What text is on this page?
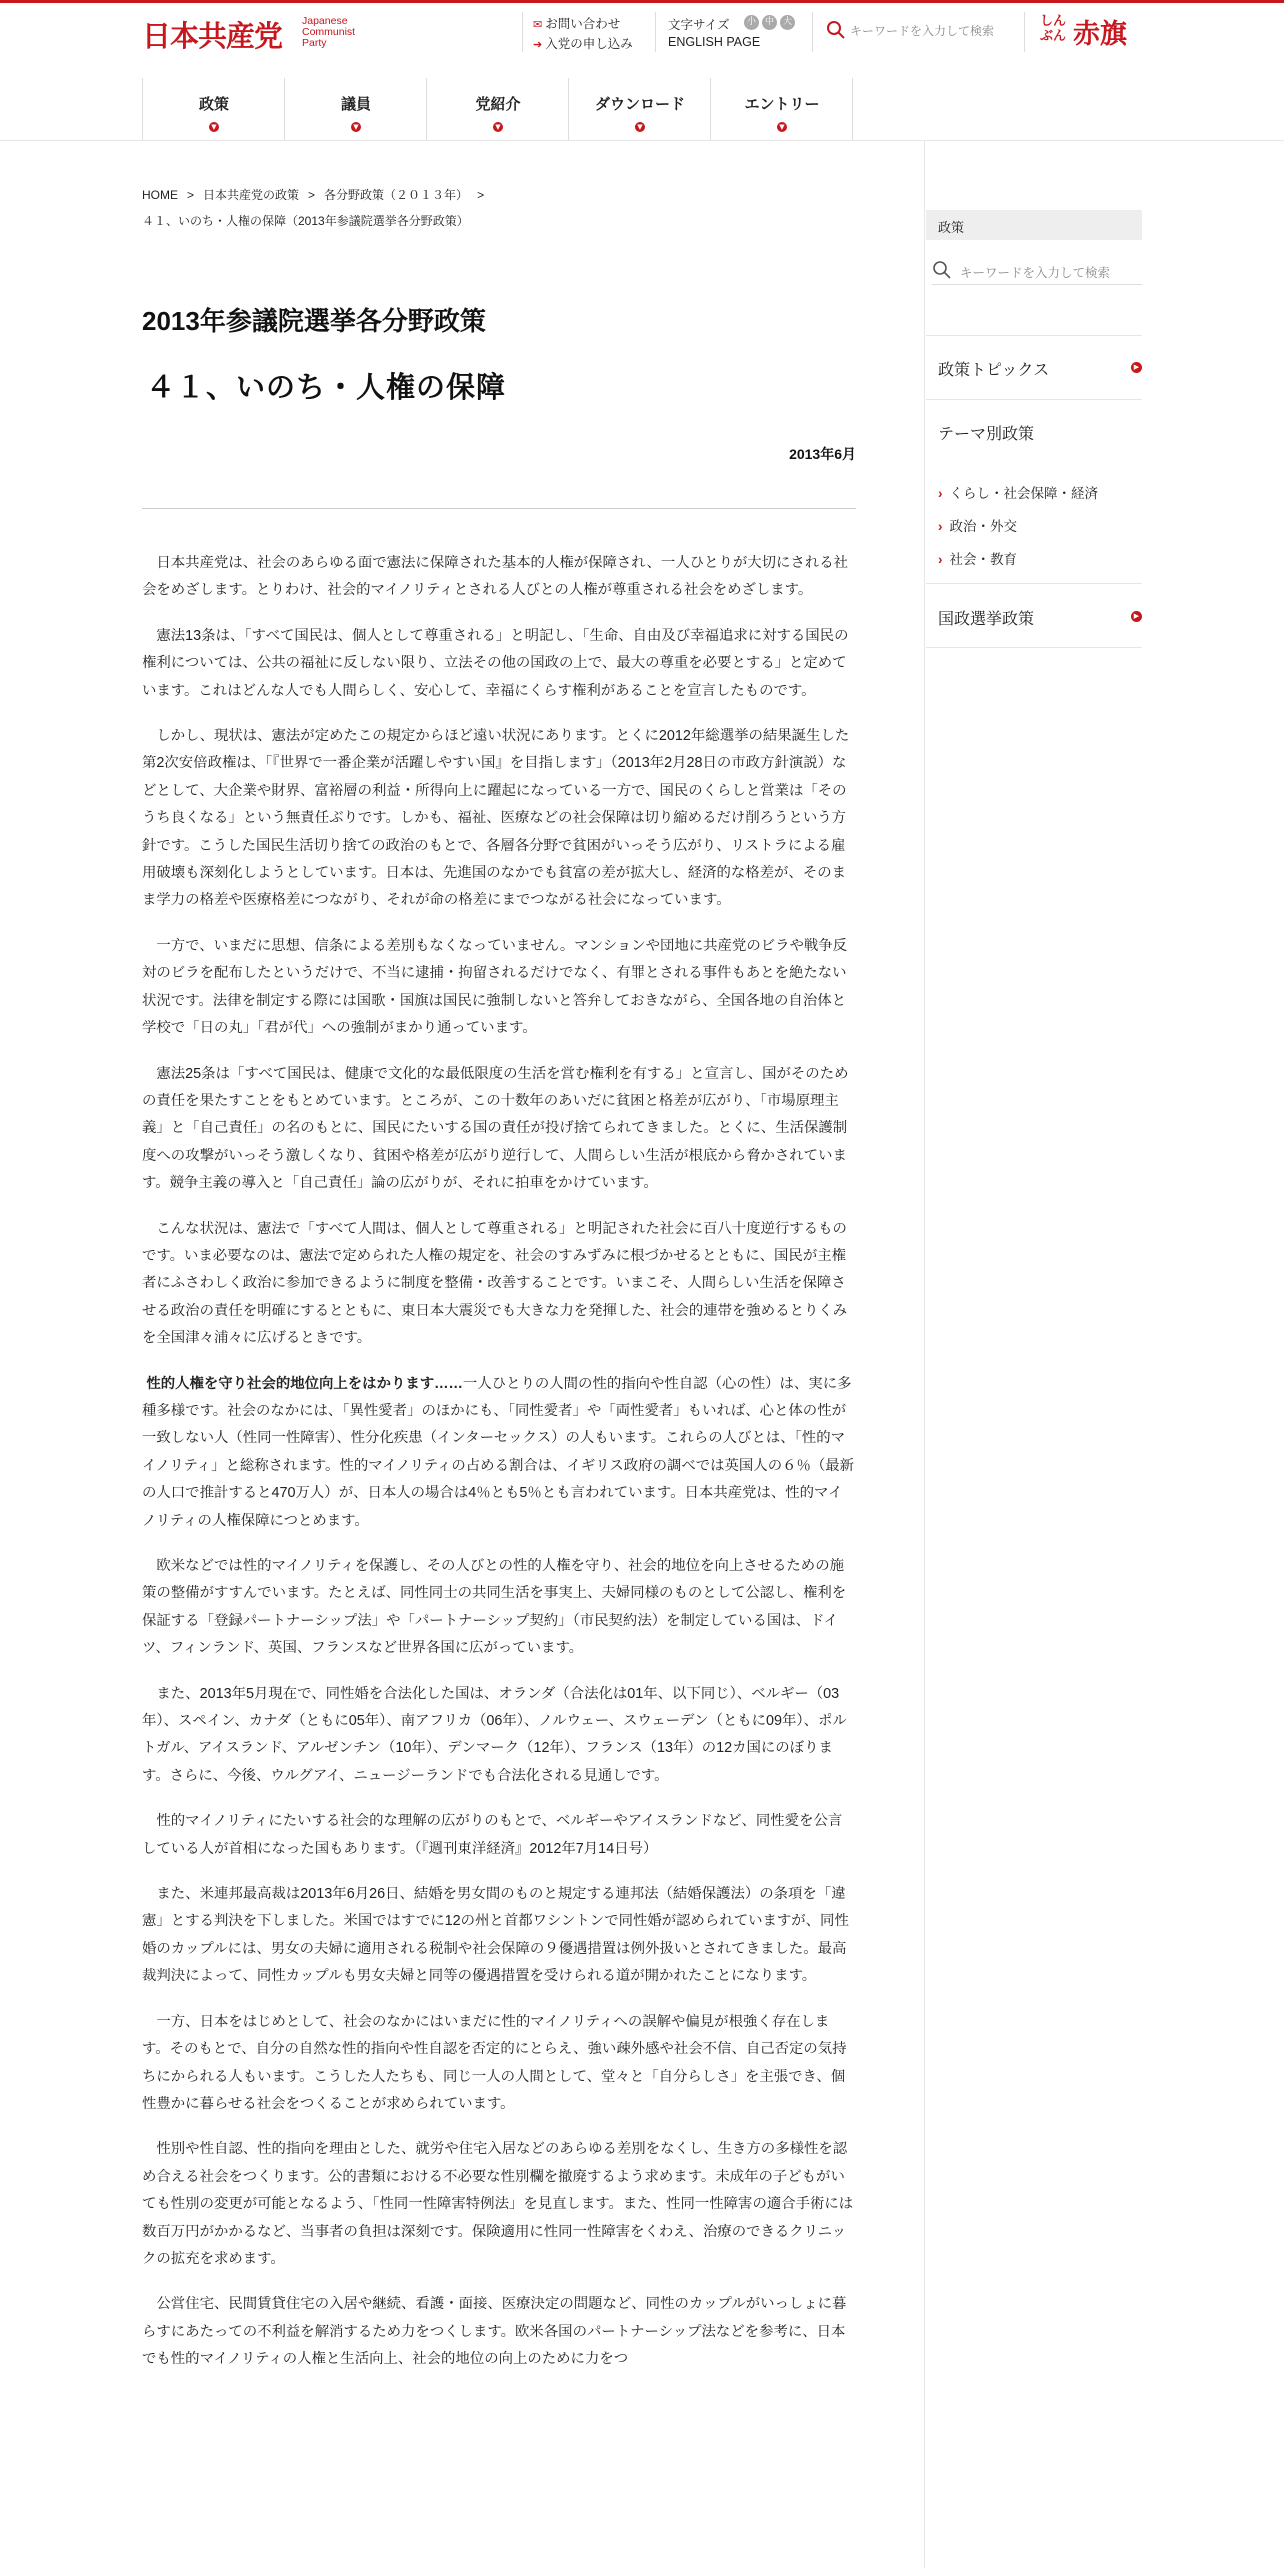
日本共産党 Japanese
Communist
Party
✉ お問い合わせ
➔ 入党の申し込み
文字サイズ	小 中 大
ENGLISH PAGE
キーワードを入力して検索
しんぶん 赤旗
政策
▼
議員
▼
党紹介
▼
ダウンロード
▼
エントリー
▼
政策
キーワードを入力して検索
政策トピックス	▶
テーマ別政策
› くらし・社会保障・経済
› 政治・外交
› 社会・教育
国政選挙政策	▶
HOME > 日本共産党の政策 > 各分野政策（２０１３年） >
４１、いのち・人権の保障（2013年参議院選挙各分野政策）
2013年参議院選挙各分野政策
４１、いのち・人権の保障
2013年6月

日本共産党は、社会のあらゆる面で憲法に保障された基本的人権が保障され、一人ひとりが大切にされる社会をめざします。とりわけ、社会的マイノリティとされる人びとの人権が尊重される社会をめざします。

憲法13条は、「すべて国民は、個人として尊重される」と明記し、「生命、自由及び幸福追求に対する国民の権利については、公共の福祉に反しない限り、立法その他の国政の上で、最大の尊重を必要とする」と定めています。これはどんな人でも人間らしく、安心して、幸福にくらす権利があることを宣言したものです。

しかし、現状は、憲法が定めたこの規定からほど遠い状況にあります。とくに2012年総選挙の結果誕生した第2次安倍政権は、「『世界で一番企業が活躍しやすい国』を目指します」（2013年2月28日の市政方針演説）などとして、大企業や財界、富裕層の利益・所得向上に躍起になっている一方で、国民のくらしと営業は「そのうち良くなる」という無責任ぶりです。しかも、福祉、医療などの社会保障は切り縮めるだけ削ろうという方針です。こうした国民生活切り捨ての政治のもとで、各層各分野で貧困がいっそう広がり、リストラによる雇用破壊も深刻化しようとしています。日本は、先進国のなかでも貧富の差が拡大し、経済的な格差が、そのまま学力の格差や医療格差につながり、それが命の格差にまでつながる社会になっています。

一方で、いまだに思想、信条による差別もなくなっていません。マンションや団地に共産党のビラや戦争反対のビラを配布したというだけで、不当に逮捕・拘留されるだけでなく、有罪とされる事件もあとを絶たない状況です。法律を制定する際には国歌・国旗は国民に強制しないと答弁しておきながら、全国各地の自治体と学校で「日の丸」「君が代」への強制がまかり通っています。

憲法25条は「すべて国民は、健康で文化的な最低限度の生活を営む権利を有する」と宣言し、国がそのための責任を果たすことをもとめています。ところが、この十数年のあいだに貧困と格差が広がり、「市場原理主義」と「自己責任」の名のもとに、国民にたいする国の責任が投げ捨てられてきました。とくに、生活保護制度への攻撃がいっそう激しくなり、貧困や格差が広がり逆行して、人間らしい生活が根底から脅かされています。競争主義の導入と「自己責任」論の広がりが、それに拍車をかけています。

こんな状況は、憲法で「すべて人間は、個人として尊重される」と明記された社会に百八十度逆行するものです。いま必要なのは、憲法で定められた人権の規定を、社会のすみずみに根づかせるとともに、国民が主権者にふさわしく政治に参加できるように制度を整備・改善することです。いまこそ、人間らしい生活を保障させる政治の責任を明確にするとともに、東日本大震災でも大きな力を発揮した、社会的連帯を強めるとりくみを全国津々浦々に広げるときです。

性的人権を守り社会的地位向上をはかります……一人ひとりの人間の性的指向や性自認（心の性）は、実に多種多様です。社会のなかには、「異性愛者」のほかにも、「同性愛者」や「両性愛者」もいれば、心と体の性が一致しない人（性同一性障害）、性分化疾患（インターセックス）の人もいます。これらの人びとは、「性的マイノリティ」と総称されます。性的マイノリティの占める割合は、イギリス政府の調べでは英国人の６％（最新の人口で推計すると470万人）が、日本人の場合は4％とも5％とも言われています。日本共産党は、性的マイノリティの人権保障につとめます。

欧米などでは性的マイノリティを保護し、その人びとの性的人権を守り、社会的地位を向上させるための施策の整備がすすんでいます。たとえば、同性同士の共同生活を事実上、夫婦同様のものとして公認し、権利を保証する「登録パートナーシップ法」や「パートナーシップ契約」（市民契約法）を制定している国は、ドイツ、フィンランド、英国、フランスなど世界各国に広がっています。

また、2013年5月現在で、同性婚を合法化した国は、オランダ（合法化は01年、以下同じ）、ベルギー（03年）、スペイン、カナダ（ともに05年）、南アフリカ（06年）、ノルウェー、スウェーデン（ともに09年）、ポルトガル、アイスランド、アルゼンチン（10年）、デンマーク（12年）、フランス（13年）の12カ国にのぼります。さらに、今後、ウルグアイ、ニュージーランドでも合法化される見通しです。

性的マイノリティにたいする社会的な理解の広がりのもとで、ベルギーやアイスランドなど、同性愛を公言している人が首相になった国もあります。（『週刊東洋経済』2012年7月14日号）

また、米連邦最高裁は2013年6月26日、結婚を男女間のものと規定する連邦法（結婚保護法）の条項を「違憲」とする判決を下しました。米国ではすでに12の州と首都ワシントンで同性婚が認められていますが、同性婚のカップルには、男女の夫婦に適用される税制や社会保障の９優遇措置は例外扱いとされてきました。最高裁判決によって、同性カップルも男女夫婦と同等の優遇措置を受けられる道が開かれたことになります。

一方、日本をはじめとして、社会のなかにはいまだに性的マイノリティへの誤解や偏見が根強く存在します。そのもとで、自分の自然な性的指向や性自認を否定的にとらえ、強い疎外感や社会不信、自己否定の気持ちにかられる人もいます。こうした人たちも、同じ一人の人間として、堂々と「自分らしさ」を主張でき、個性豊かに暮らせる社会をつくることが求められています。

性別や性自認、性的指向を理由とした、就労や住宅入居などのあらゆる差別をなくし、生き方の多様性を認め合える社会をつくります。公的書類における不必要な性別欄を撤廃するよう求めます。未成年の子どもがいても性別の変更が可能となるよう、「性同一性障害特例法」を見直します。また、性同一性障害の適合手術には数百万円がかかるなど、当事者の負担は深刻です。保険適用に性同一性障害をくわえ、治療のできるクリニックの拡充を求めます。

公営住宅、民間賃貸住宅の入居や継続、看護・面接、医療決定の問題など、同性のカップルがいっしょに暮らすにあたっての不利益を解消するため力をつくします。欧米各国のパートナーシップ法などを参考に、日本でも性的マイノリティの人権と生活向上、社会的地位の向上のために力をつ
